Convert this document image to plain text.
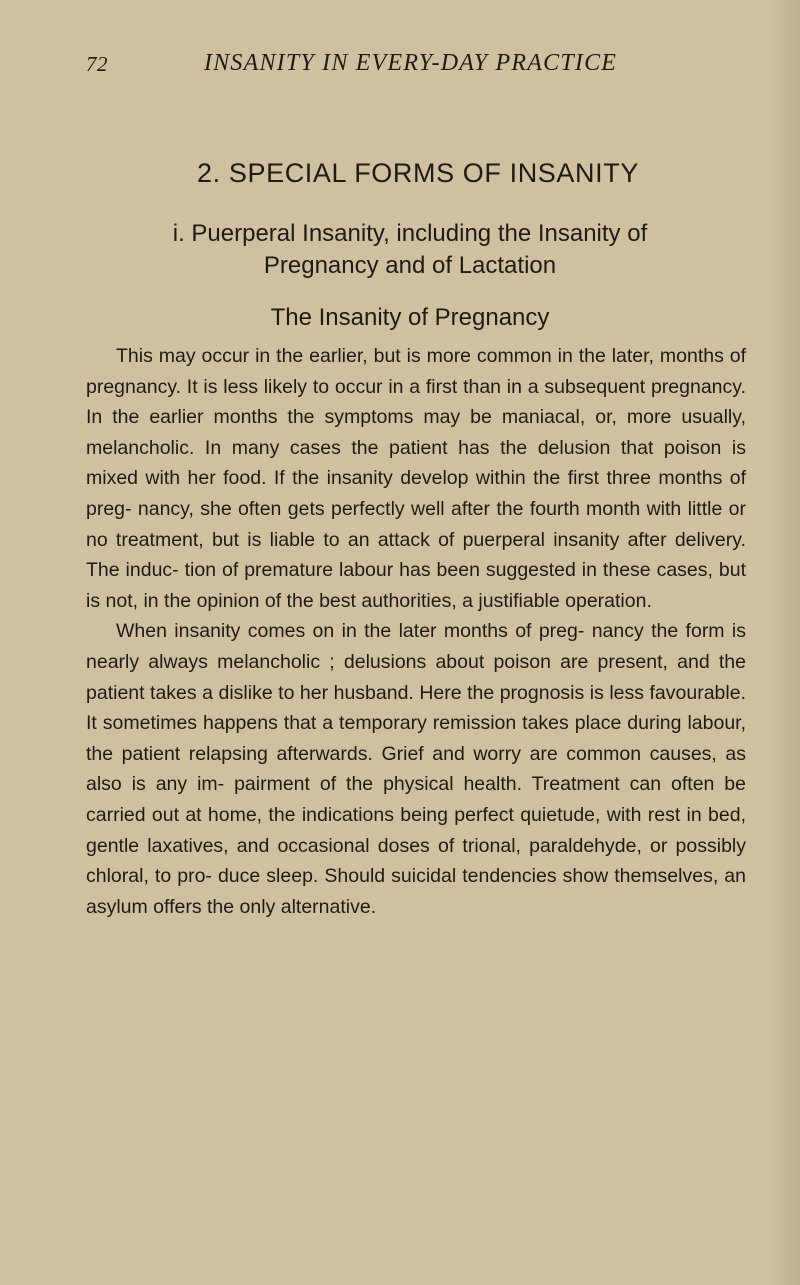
72	INSANITY IN EVERY-DAY PRACTICE
2. SPECIAL FORMS OF INSANITY
i. Puerperal Insanity, including the Insanity of
Pregnancy and of Lactation
The Insanity of Pregnancy

This may occur in the earlier, but is more common in the later, months of pregnancy. It is less likely to occur in a first than in a subsequent pregnancy. In the earlier months the symptoms may be maniacal, or, more usually, melancholic. In many cases the patient has the delusion that poison is mixed with her food. If the insanity develop within the first three months of preg- nancy, she often gets perfectly well after the fourth month with little or no treatment, but is liable to an attack of puerperal insanity after delivery. The induc- tion of premature labour has been suggested in these cases, but is not, in the opinion of the best authorities, a justifiable operation.

When insanity comes on in the later months of preg- nancy the form is nearly always melancholic ; delusions about poison are present, and the patient takes a dislike to her husband. Here the prognosis is less favourable. It sometimes happens that a temporary remission takes place during labour, the patient relapsing afterwards. Grief and worry are common causes, as also is any im- pairment of the physical health. Treatment can often be carried out at home, the indications being perfect quietude, with rest in bed, gentle laxatives, and occasional doses of trional, paraldehyde, or possibly chloral, to pro- duce sleep. Should suicidal tendencies show themselves, an asylum offers the only alternative.
